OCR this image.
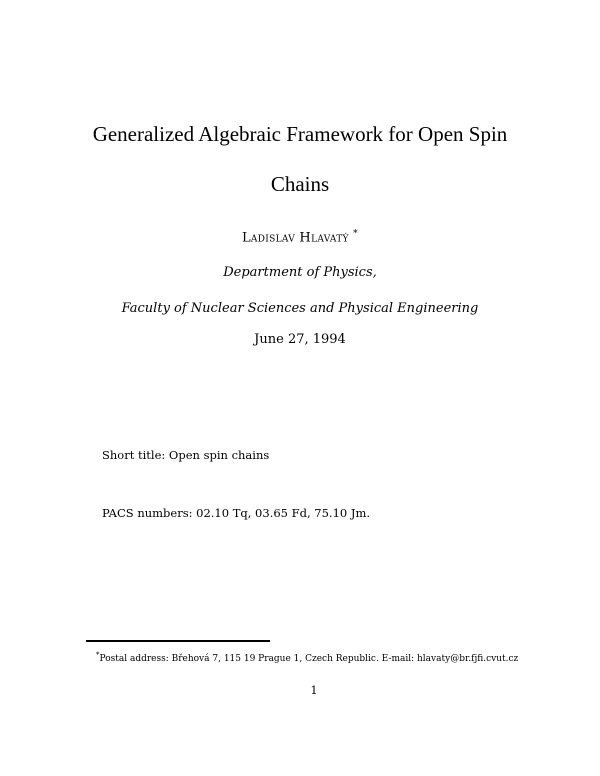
Generalized Algebraic Framework for Open Spin
Chains
Ladislav Hlavatý *
Department of Physics,
Faculty of Nuclear Sciences and Physical Engineering
June 27, 1994
Short title: Open spin chains
PACS numbers: 02.10 Tq, 03.65 Fd, 75.10 Jm.
*Postal address: Břehová 7, 115 19 Prague 1, Czech Republic. E-mail: hlavaty@br.fjfi.cvut.cz
1
